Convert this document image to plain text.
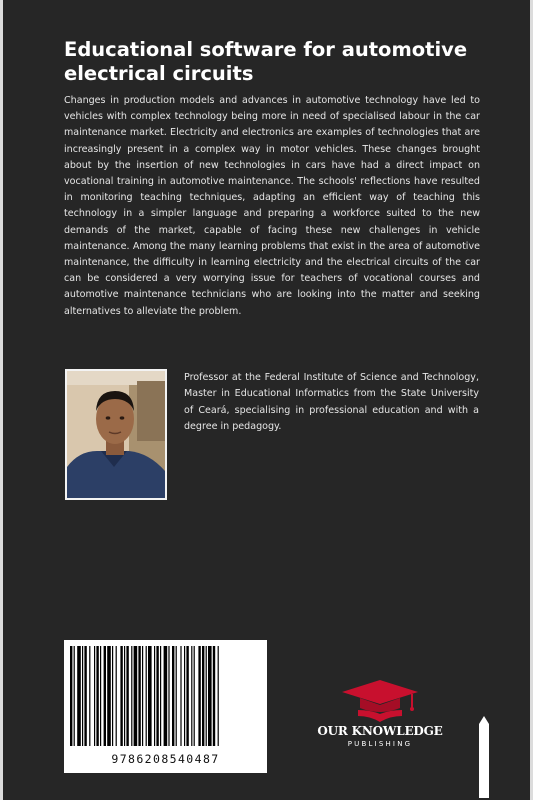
Educational software for automotive electrical circuits

Changes in production models and advances in automotive technology have led to vehicles with complex technology being more in need of specialised labour in the car maintenance market. Electricity and electronics are examples of technologies that are increasingly present in a complex way in motor vehicles. These changes brought about by the insertion of new technologies in cars have had a direct impact on vocational training in automotive maintenance. The schools' reflections have resulted in monitoring teaching techniques, adapting an efficient way of teaching this technology in a simpler language and preparing a workforce suited to the new demands of the market, capable of facing these new challenges in vehicle maintenance. Among the many learning problems that exist in the area of automotive maintenance, the difficulty in learning electricity and the electrical circuits of the car can be considered a very worrying issue for teachers of vocational courses and automotive maintenance technicians who are looking into the matter and seeking alternatives to alleviate the problem.

Professor at the Federal Institute of Science and Technology, Master in Educational Informatics from the State University of Ceará, specialising in professional education and with a degree in pedagogy.

9786208540487

OUR KNOWLEDGE

PUBLISHING
